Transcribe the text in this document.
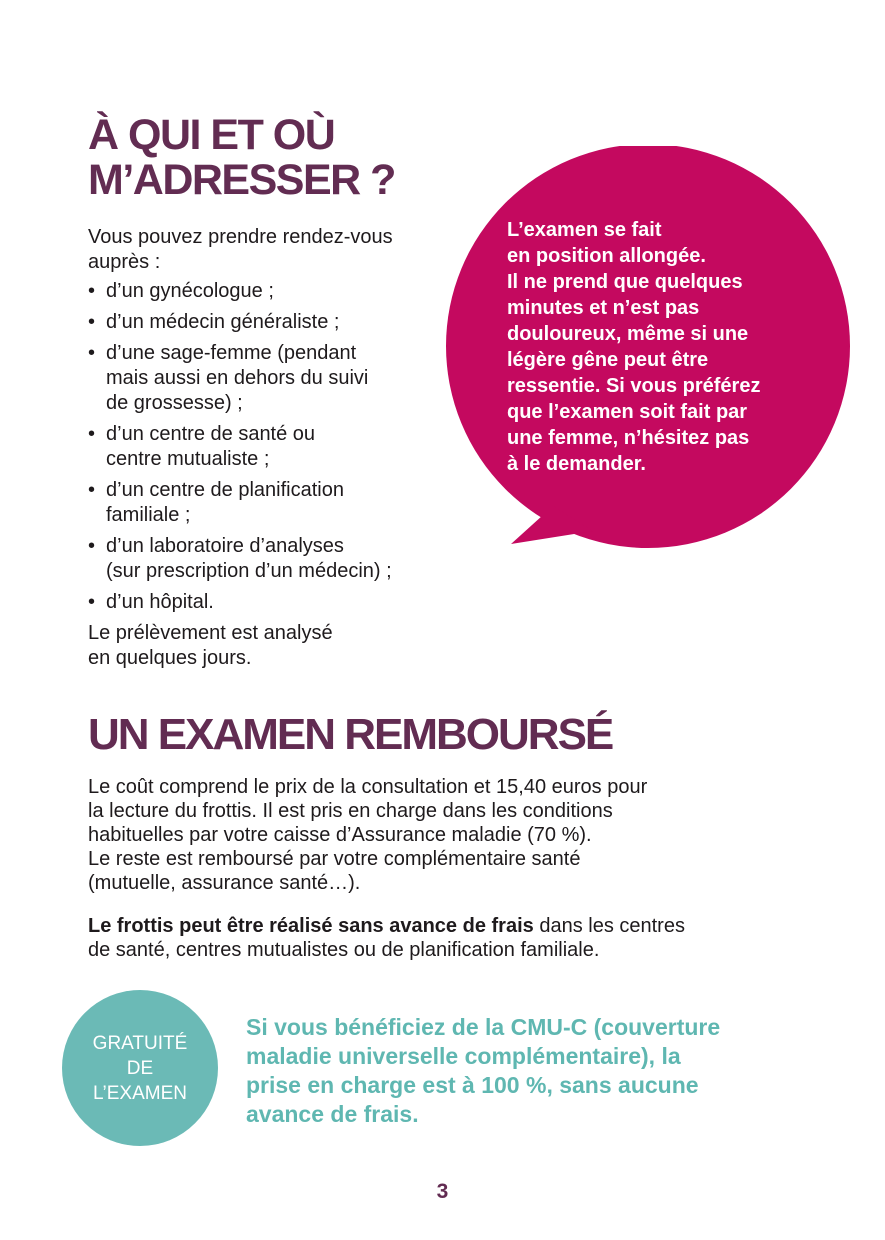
À QUI ET OÙ
M’ADRESSER ?
Vous pouvez prendre rendez-vous
auprès :
• d’un gynécologue ;
• d’un médecin généraliste ;
• d’une sage-femme (pendant
mais aussi en dehors du suivi
de grossesse) ;
• d’un centre de santé ou
centre mutualiste ;
• d’un centre de planification
familiale ;
• d’un laboratoire d’analyses
(sur prescription d’un médecin) ;
• d’un hôpital.
Le prélèvement est analysé
en quelques jours.
L’examen se fait
en position allongée.
Il ne prend que quelques
minutes et n’est pas
douloureux, même si une
légère gêne peut être
ressentie. Si vous préférez
que l’examen soit fait par
une femme, n’hésitez pas
à le demander.
UN EXAMEN REMBOURSÉ

Le coût comprend le prix de la consultation et 15,40 euros pour
la lecture du frottis. Il est pris en charge dans les conditions
habituelles par votre caisse d’Assurance maladie (70 %).
Le reste est remboursé par votre complémentaire santé
(mutuelle, assurance santé…).

Le frottis peut être réalisé sans avance de frais dans les centres
de santé, centres mutualistes ou de planification familiale.

GRATUITÉ
DE
L’EXAMEN

Si vous bénéficiez de la CMU-C (couverture
maladie universelle complémentaire), la
prise en charge est à 100 %, sans aucune
avance de frais.

3
